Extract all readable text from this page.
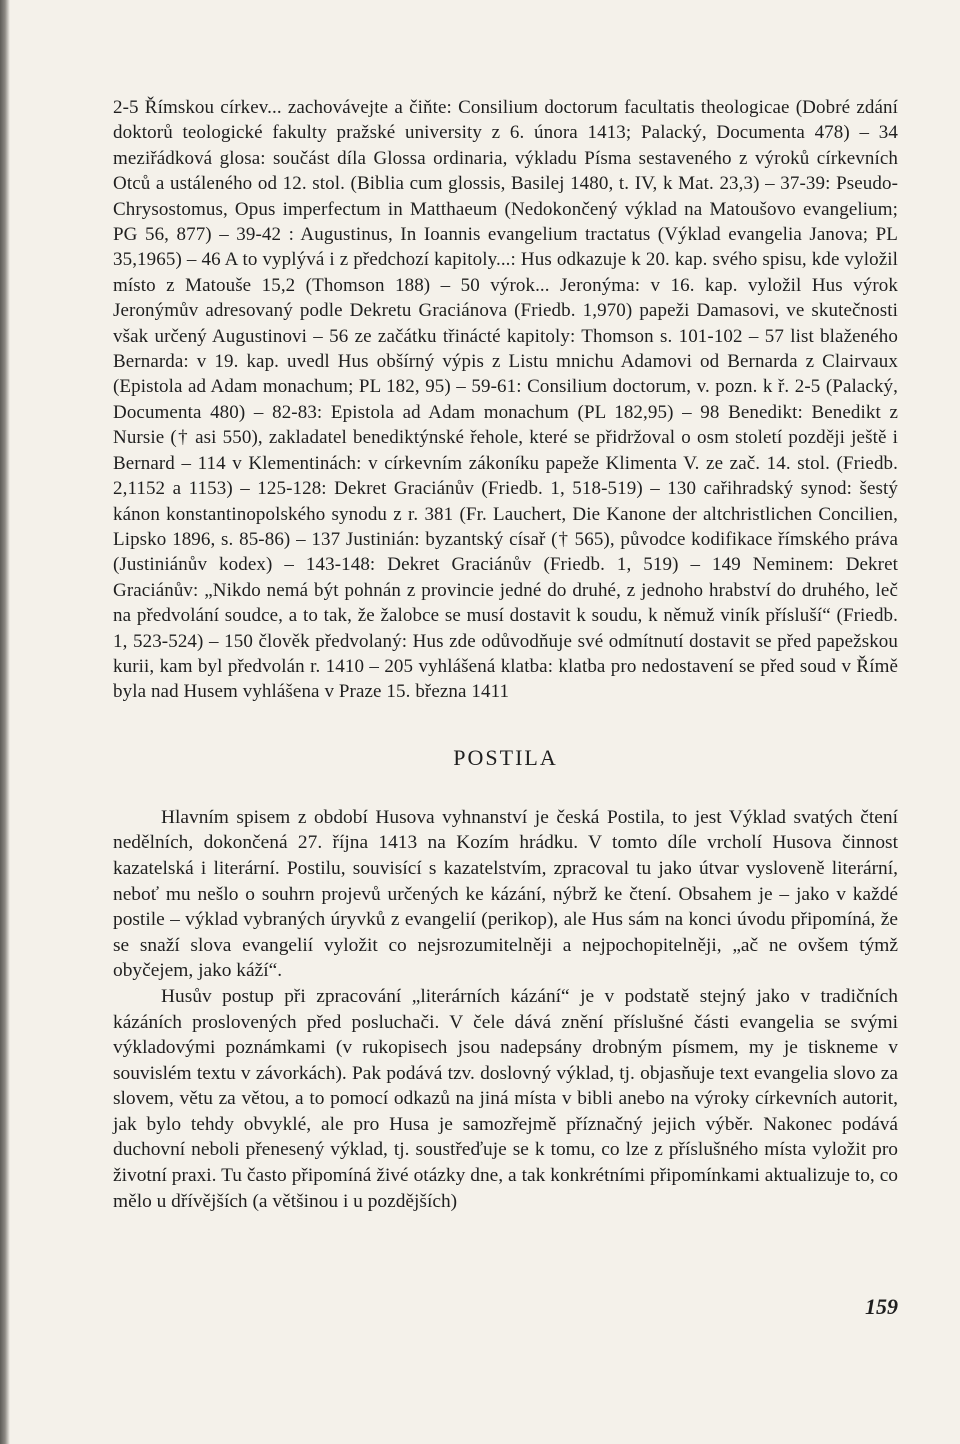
2-5 Římskou církev... zachovávejte a čiňte: Consilium doctorum facultatis theologicae (Dobré zdání doktorů teologické fakulty pražské university z 6. února 1413; Palacký, Documenta 478) – 34 meziřádková glosa: součást díla Glossa ordinaria, výkladu Písma sestaveného z výroků církevních Otců a ustáleného od 12. stol. (Biblia cum glossis, Basilej 1480, t. IV, k Mat. 23,3) – 37-39: Pseudo-Chrysostomus, Opus imperfectum in Matthaeum (Nedokončený výklad na Matoušovo evangelium; PG 56, 877) – 39-42 : Augustinus, In Ioannis evangelium tractatus (Výklad evangelia Janova; PL 35,1965) – 46 A to vyplývá i z předchozí kapitoly...: Hus odkazuje k 20. kap. svého spisu, kde vyložil místo z Matouše 15,2 (Thomson 188) – 50 výrok... Jeronýma: v 16. kap. vyložil Hus výrok Jeronýmův adresovaný podle Dekretu Graciánova (Friedb. 1,970) papeži Damasovi, ve skutečnosti však určený Augustinovi – 56 ze začátku třinácté kapitoly: Thomson s. 101-102 – 57 list blaženého Bernarda: v 19. kap. uvedl Hus obšírný výpis z Listu mnichu Adamovi od Bernarda z Clairvaux (Epistola ad Adam monachum; PL 182, 95) – 59-61: Consilium doctorum, v. pozn. k ř. 2-5 (Palacký, Documenta 480) – 82-83: Epistola ad Adam monachum (PL 182,95) – 98 Benedikt: Benedikt z Nursie († asi 550), zakladatel benediktýnské řehole, které se přidržoval o osm století později ještě i Bernard – 114 v Klementinách: v církevním zákoníku papeže Klimenta V. ze zač. 14. stol. (Friedb. 2,1152 a 1153) – 125-128: Dekret Graciánův (Friedb. 1, 518-519) – 130 cařihradský synod: šestý kánon konstantinopolského synodu z r. 381 (Fr. Lauchert, Die Kanone der altchristlichen Concilien, Lipsko 1896, s. 85-86) – 137 Justinián: byzantský císař († 565), původce kodifikace římského práva (Justiniánův kodex) – 143-148: Dekret Graciánův (Friedb. 1, 519) – 149 Neminem: Dekret Graciánův: „Nikdo nemá být pohnán z provincie jedné do druhé, z jednoho hrabství do druhého, leč na předvolání soudce, a to tak, že žalobce se musí dostavit k soudu, k němuž viník přísluší“ (Friedb. 1, 523-524) – 150 člověk předvolaný: Hus zde odůvodňuje své odmítnutí dostavit se před papežskou kurii, kam byl předvolán r. 1410 – 205 vyhlášená klatba: klatba pro nedostavení se před soud v Římě byla nad Husem vyhlášena v Praze 15. března 1411

POSTILA

Hlavním spisem z období Husova vyhnanství je česká Postila, to jest Výklad svatých čtení nedělních, dokončená 27. října 1413 na Kozím hrádku. V tomto díle vrcholí Husova činnost kazatelská i literární. Postilu, souvisící s kazatelstvím, zpracoval tu jako útvar vysloveně literární, neboť mu nešlo o souhrn projevů určených ke kázání, nýbrž ke čtení. Obsahem je – jako v každé postile – výklad vybraných úryvků z evangelií (perikop), ale Hus sám na konci úvodu připomíná, že se snaží slova evangelií vyložit co nejsrozumitelněji a nejpochopitelněji, „ač ne ovšem týmž obyčejem, jako káží“.

Husův postup při zpracování „literárních kázání“ je v podstatě stejný jako v tradičních kázáních proslovených před posluchači. V čele dává znění příslušné části evangelia se svými výkladovými poznámkami (v rukopisech jsou nadepsány drobným písmem, my je tiskneme v souvislém textu v závorkách). Pak podává tzv. doslovný výklad, tj. objasňuje text evangelia slovo za slovem, větu za větou, a to pomocí odkazů na jiná místa v bibli anebo na výroky církevních autorit, jak bylo tehdy obvyklé, ale pro Husa je samozřejmě příznačný jejich výběr. Nakonec podává duchovní neboli přenesený výklad, tj. soustřeďuje se k tomu, co lze z příslušného místa vyložit pro životní praxi. Tu často připomíná živé otázky dne, a tak konkrétními připomínkami aktualizuje to, co mělo u dřívějších (a většinou i u pozdějších)

159
